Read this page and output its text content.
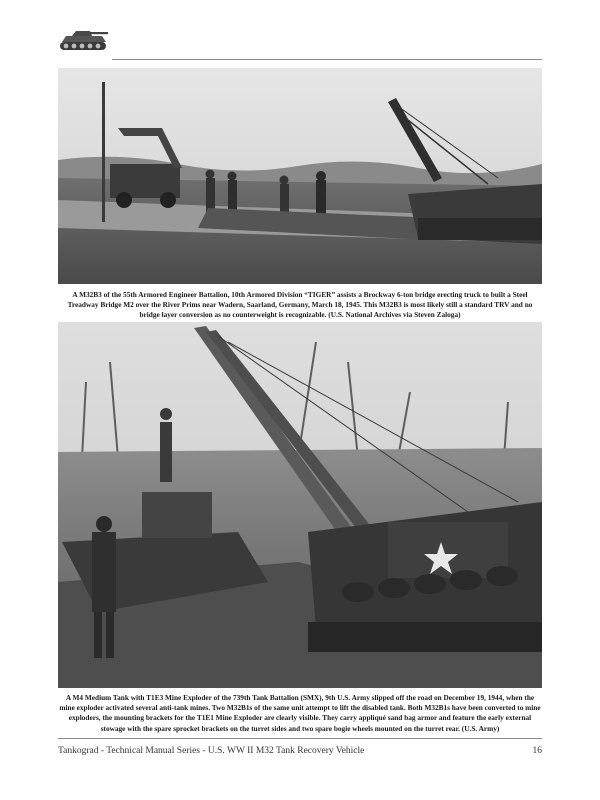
A M32B3 of the 55th Armored Engineer Battalion, 10th Armored Division “TIGER” assists a Brockway 6-ton bridge erecting truck to built a Steel Treadway Bridge M2 over the River Prims near Wadern, Saarland, Germany, March 18, 1945. This M32B3 is most likely still a standard TRV and no bridge layer conversion as no counterweight is recognizable. (U.S. National Archives via Steven Zaloga)
A M4 Medium Tank with T1E3 Mine Exploder of the 739th Tank Battalion (SMX), 9th U.S. Army slipped off the road on December 19, 1944, when the mine exploder activated several anti-tank mines. Two M32B1s of the same unit attempt to lift the disabled tank. Both M32B1s have been converted to mine exploders, the mounting brackets for the T1E1 Mine Exploder are clearly visible. They carry appliqué sand bag armor and feature the early external stowage with the spare sprocket brackets on the turret sides and two spare bogie wheels mounted on the turret rear. (U.S. Army)
Tankograd - Technical Manual Series - U.S. WW II M32 Tank Recovery Vehicle	16
